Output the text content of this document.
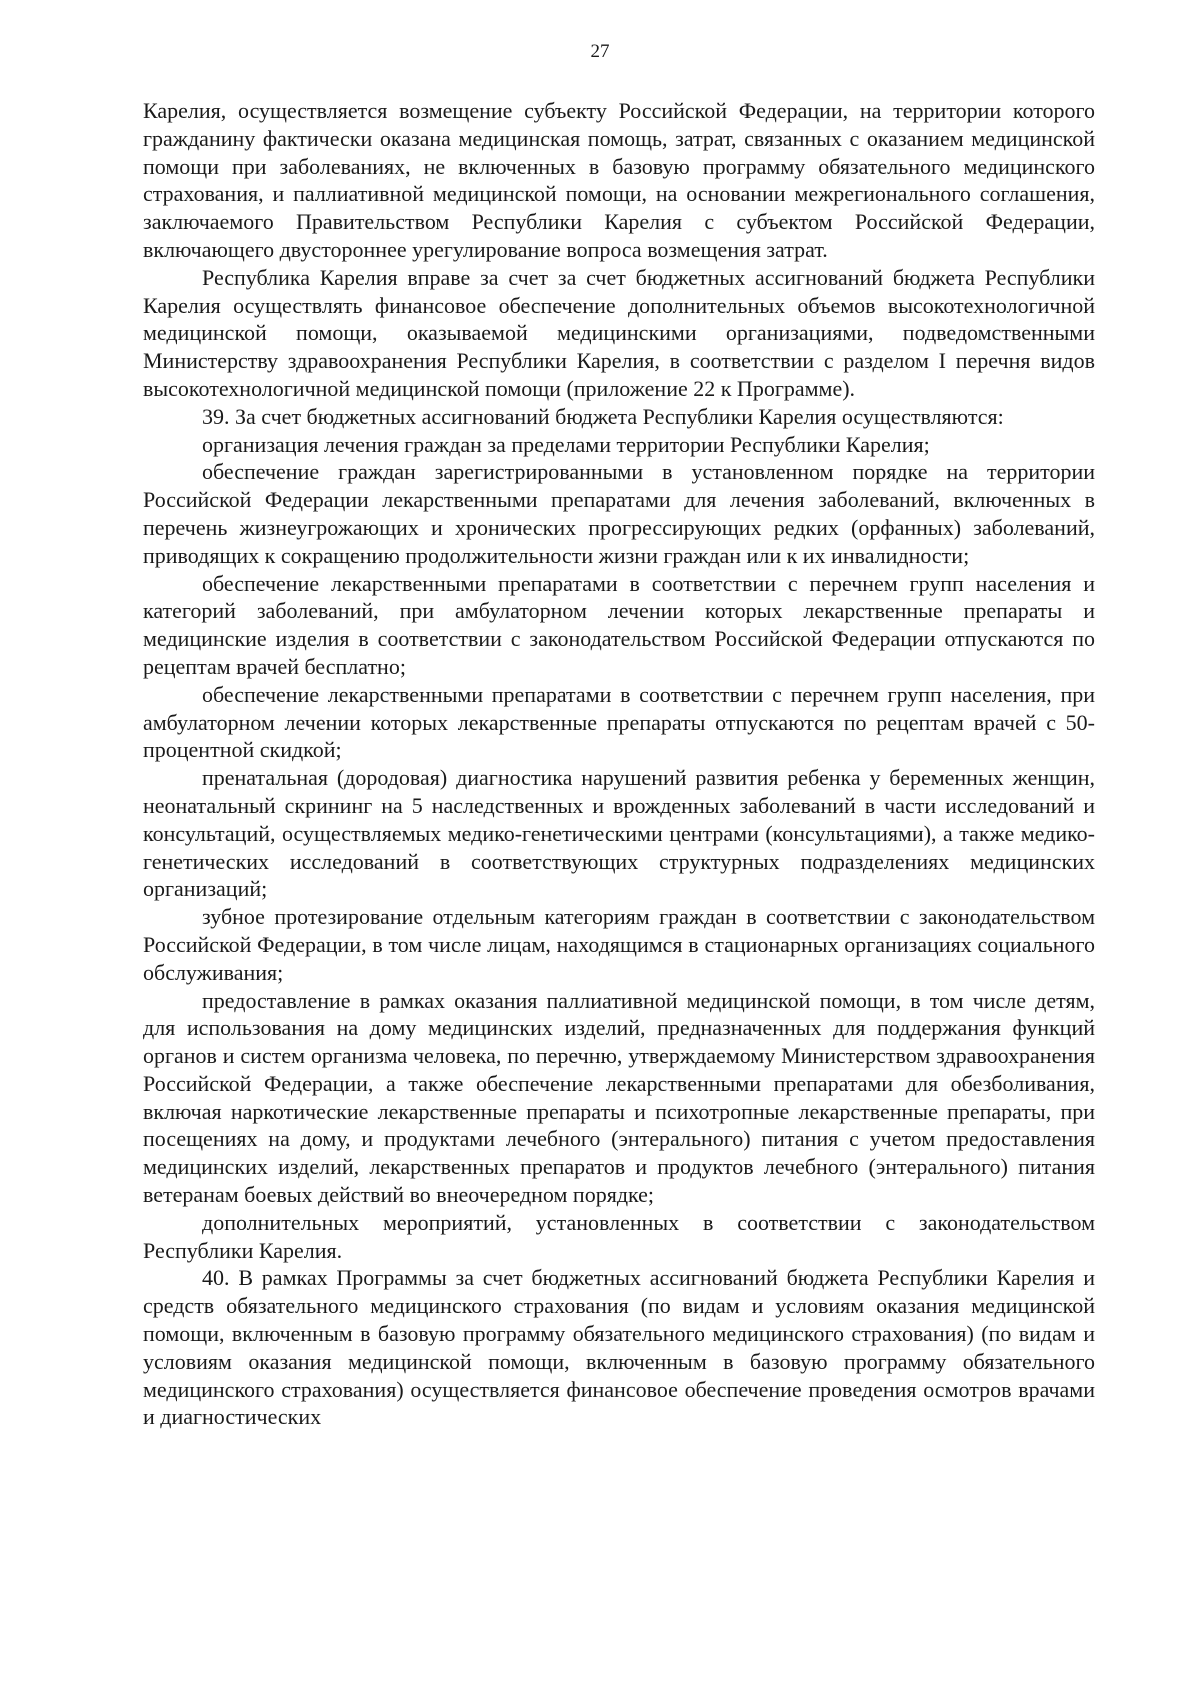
27

Карелия, осуществляется возмещение субъекту Российской Федерации, на территории которого гражданину фактически оказана медицинская помощь, затрат, связанных с оказанием медицинской помощи при заболеваниях, не включенных в базовую программу обязательного медицинского страхования, и паллиативной медицинской помощи, на основании межрегионального соглашения, заключаемого Правительством Республики Карелия с субъектом Российской Федерации, включающего двустороннее урегулирование вопроса возмещения затрат.

Республика Карелия вправе за счет за счет бюджетных ассигнований бюджета Республики Карелия осуществлять финансовое обеспечение дополнительных объемов высокотехнологичной медицинской помощи, оказываемой медицинскими организациями, подведомственными Министерству здравоохранения Республики Карелия, в соответствии с разделом I перечня видов высокотехнологичной медицинской помощи (приложение 22 к Программе).

39. За счет бюджетных ассигнований бюджета Республики Карелия осуществляются:

организация лечения граждан за пределами территории Республики Карелия;

обеспечение граждан зарегистрированными в установленном порядке на территории Российской Федерации лекарственными препаратами для лечения заболеваний, включенных в перечень жизнеугрожающих и хронических прогрессирующих редких (орфанных) заболеваний, приводящих к сокращению продолжительности жизни граждан или к их инвалидности;

обеспечение лекарственными препаратами в соответствии с перечнем групп населения и категорий заболеваний, при амбулаторном лечении которых лекарственные препараты и медицинские изделия в соответствии с законодательством Российской Федерации отпускаются по рецептам врачей бесплатно;

обеспечение лекарственными препаратами в соответствии с перечнем групп населения, при амбулаторном лечении которых лекарственные препараты отпускаются по рецептам врачей с 50-процентной скидкой;

пренатальная (дородовая) диагностика нарушений развития ребенка у беременных женщин, неонатальный скрининг на 5 наследственных и врожденных заболеваний в части исследований и консультаций, осуществляемых медико-генетическими центрами (консультациями), а также медико-генетических исследований в соответствующих структурных подразделениях медицинских организаций;

зубное протезирование отдельным категориям граждан в соответствии с законодательством Российской Федерации, в том числе лицам, находящимся в стационарных организациях социального обслуживания;

предоставление в рамках оказания паллиативной медицинской помощи, в том числе детям, для использования на дому медицинских изделий, предназначенных для поддержания функций органов и систем организма человека, по перечню, утверждаемому Министерством здравоохранения Российской Федерации, а также обеспечение лекарственными препаратами для обезболивания, включая наркотические лекарственные препараты и психотропные лекарственные препараты, при посещениях на дому, и продуктами лечебного (энтерального) питания с учетом предоставления медицинских изделий, лекарственных препаратов и продуктов лечебного (энтерального) питания ветеранам боевых действий во внеочередном порядке;

дополнительных мероприятий, установленных в соответствии с законодательством Республики Карелия.

40. В рамках Программы за счет бюджетных ассигнований бюджета Республики Карелия и средств обязательного медицинского страхования (по видам и условиям оказания медицинской помощи, включенным в базовую программу обязательного медицинского страхования) (по видам и условиям оказания медицинской помощи, включенным в базовую программу обязательного медицинского страхования) осуществляется финансовое обеспечение проведения осмотров врачами и диагностических
